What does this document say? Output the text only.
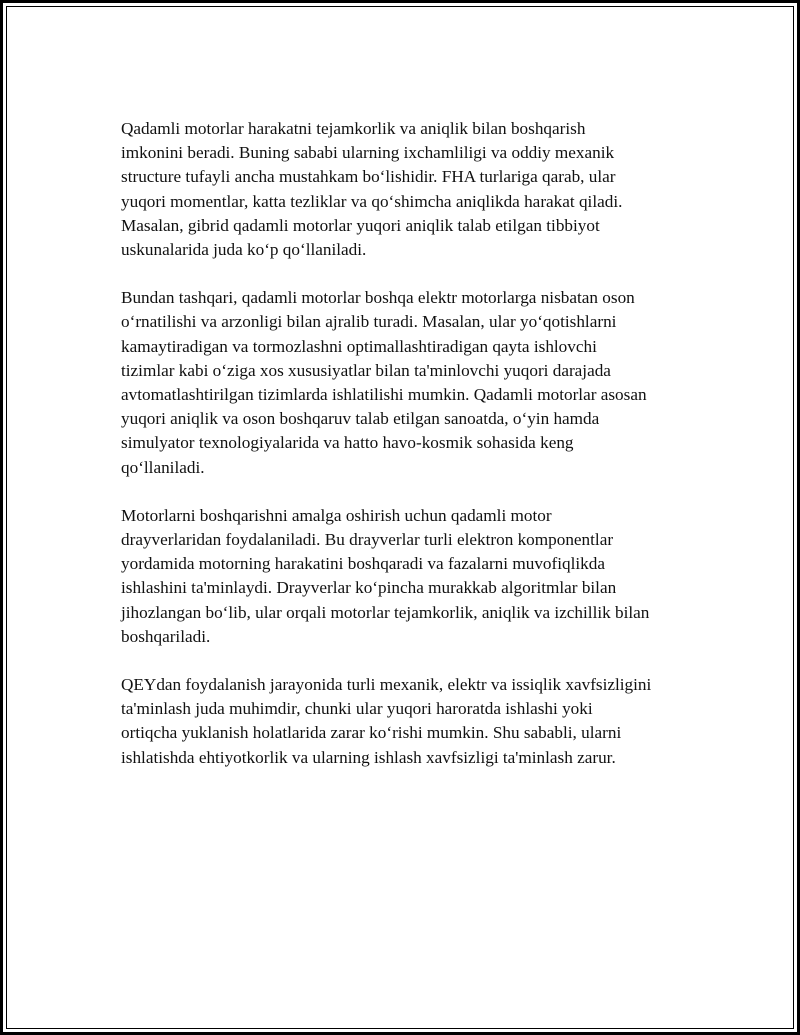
Qadamli motorlar harakatni tejamkorlik va aniqlik bilan boshqarish
imkonini beradi. Buning sababi ularning ixchamliligi va oddiy mexanik
structure tufayli ancha mustahkam bo‘lishidir. FHA turlariga qarab, ular
yuqori momentlar, katta tezliklar va qo‘shimcha aniqlikda harakat qiladi.
Masalan, gibrid qadamli motorlar yuqori aniqlik talab etilgan tibbiyot
uskunalarida juda ko‘p qo‘llaniladi.

Bundan tashqari, qadamli motorlar boshqa elektr motorlarga nisbatan oson
o‘rnatilishi va arzonligi bilan ajralib turadi. Masalan, ular yo‘qotishlarni
kamaytiradigan va tormozlashni optimallashtiradigan qayta ishlovchi
tizimlar kabi o‘ziga xos xususiyatlar bilan ta'minlovchi yuqori darajada
avtomatlashtirilgan tizimlarda ishlatilishi mumkin. Qadamli motorlar asosan
yuqori aniqlik va oson boshqaruv talab etilgan sanoatda, o‘yin hamda
simulyator texnologiyalarida va hatto havo-kosmik sohasida keng
qo‘llaniladi.

Motorlarni boshqarishni amalga oshirish uchun qadamli motor
drayverlaridan foydalaniladi. Bu drayverlar turli elektron komponentlar
yordamida motorning harakatini boshqaradi va fazalarni muvofiqlikda
ishlashini ta'minlaydi. Drayverlar ko‘pincha murakkab algoritmlar bilan
jihozlangan bo‘lib, ular orqali motorlar tejamkorlik, aniqlik va izchillik bilan
boshqariladi.

QEYdan foydalanish jarayonida turli mexanik, elektr va issiqlik xavfsizligini
ta'minlash juda muhimdir, chunki ular yuqori haroratda ishlashi yoki
ortiqcha yuklanish holatlarida zarar ko‘rishi mumkin. Shu sababli, ularni
ishlatishda ehtiyotkorlik va ularning ishlash xavfsizligi ta'minlash zarur.
